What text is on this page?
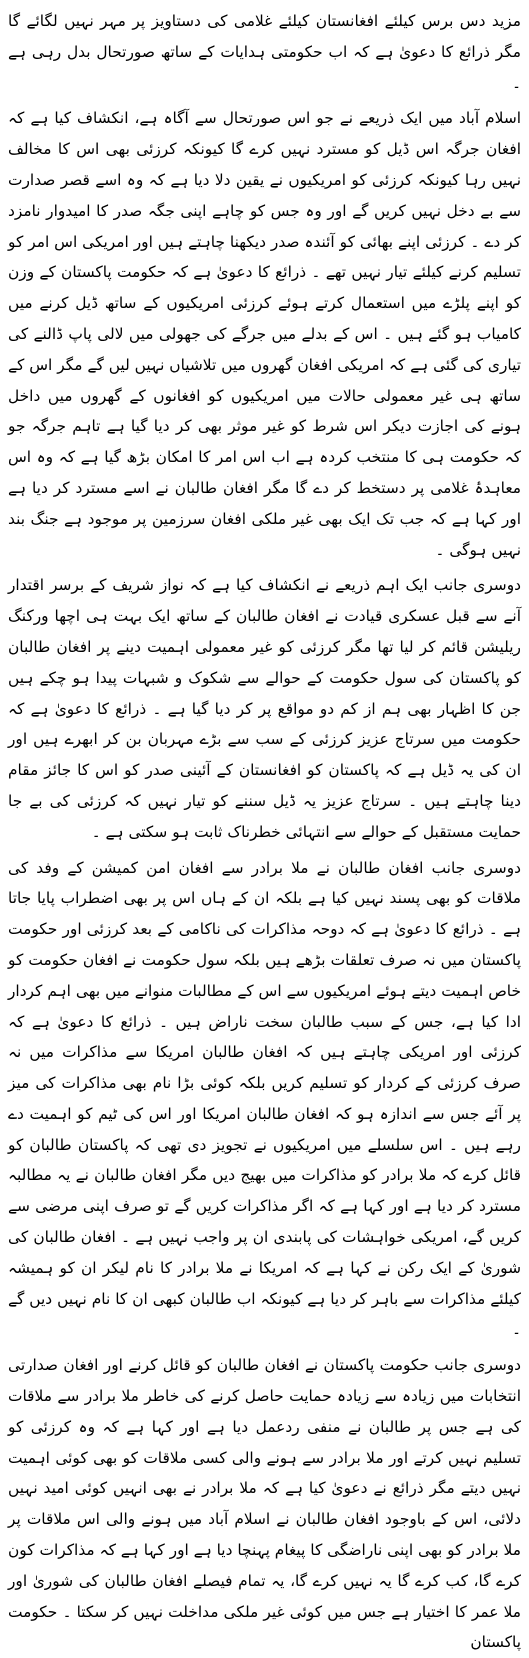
مزید دس برس کیلئے افغانستان کیلئے غلامی کی دستاویز پر مہر نہیں لگائے گا مگر ذرائع کا دعویٰ ہے کہ اب حکومتی ہدایات کے ساتھ صورتحال بدل رہی ہے ۔

اسلام آباد میں ایک ذریعے نے جو اس صورتحال سے آگاہ ہے، انکشاف کیا ہے کہ افغان جرگہ اس ڈیل کو مسترد نہیں کرے گا کیونکہ کرزئی بھی اس کا مخالف نہیں رہا کیونکہ کرزئی کو امریکیوں نے یقین دلا دیا ہے کہ وہ اسے قصر صدارت سے بے دخل نہیں کریں گے اور وہ جس کو چاہے اپنی جگہ صدر کا امیدوار نامزد کر دے ۔ کرزئی اپنے بھائی کو آئندہ صدر دیکھنا چاہتے ہیں اور امریکی اس امر کو تسلیم کرنے کیلئے تیار نہیں تھے ۔ ذرائع کا دعویٰ ہے کہ حکومت پاکستان کے وزن کو اپنے پلڑے میں استعمال کرتے ہوئے کرزئی امریکیوں کے ساتھ ڈیل کرنے میں کامیاب ہو گئے ہیں ۔ اس کے بدلے میں جرگے کی جھولی میں لالی پاپ ڈالنے کی تیاری کی گئی ہے کہ امریکی افغان گھروں میں تلاشیاں نہیں لیں گے مگر اس کے ساتھ ہی غیر معمولی حالات میں امریکیوں کو افغانوں کے گھروں میں داخل ہونے کی اجازت دیکر اس شرط کو غیر موثر بھی کر دیا گیا ہے تاہم جرگہ جو کہ حکومت ہی کا منتخب کردہ ہے اب اس امر کا امکان بڑھ گیا ہے کہ وہ اس معاہدۂ غلامی پر دستخط کر دے گا مگر افغان طالبان نے اسے مسترد کر دیا ہے اور کہا ہے کہ جب تک ایک بھی غیر ملکی افغان سرزمین پر موجود ہے جنگ بند نہیں ہوگی ۔

دوسری جانب ایک اہم ذریعے نے انکشاف کیا ہے کہ نواز شریف کے برسر اقتدار آنے سے قبل عسکری قیادت نے افغان طالبان کے ساتھ ایک بہت ہی اچھا ورکنگ ریلیشن قائم کر لیا تھا مگر کرزئی کو غیر معمولی اہمیت دینے پر افغان طالبان کو پاکستان کی سول حکومت کے حوالے سے شکوک و شبہات پیدا ہو چکے ہیں جن کا اظہار بھی ہم از کم دو مواقع پر کر دیا گیا ہے ۔ ذرائع کا دعویٰ ہے کہ حکومت میں سرتاج عزیز کرزئی کے سب سے بڑے مہربان بن کر ابھرے ہیں اور ان کی یہ ڈیل ہے کہ پاکستان کو افغانستان کے آئینی صدر کو اس کا جائز مقام دینا چاہتے ہیں ۔ سرتاج عزیز یہ ڈیل سننے کو تیار نہیں کہ کرزئی کی بے جا حمایت مستقبل کے حوالے سے انتہائی خطرناک ثابت ہو سکتی ہے ۔

دوسری جانب افغان طالبان نے ملا برادر سے افغان امن کمیشن کے وفد کی ملاقات کو بھی پسند نہیں کیا ہے بلکہ ان کے ہاں اس پر بھی اضطراب پایا جاتا ہے ۔ ذرائع کا دعویٰ ہے کہ دوحہ مذاکرات کی ناکامی کے بعد کرزئی اور حکومت پاکستان میں نہ صرف تعلقات بڑھے ہیں بلکہ سول حکومت نے افغان حکومت کو خاص اہمیت دیتے ہوئے امریکیوں سے اس کے مطالبات منوانے میں بھی اہم کردار ادا کیا ہے، جس کے سبب طالبان سخت ناراض ہیں ۔ ذرائع کا دعویٰ ہے کہ کرزئی اور امریکی چاہتے ہیں کہ افغان طالبان امریکا سے مذاکرات میں نہ صرف کرزئی کے کردار کو تسلیم کریں بلکہ کوئی بڑا نام بھی مذاکرات کی میز پر آئے جس سے اندازہ ہو کہ افغان طالبان امریکا اور اس کی ٹیم کو اہمیت دے رہے ہیں ۔ اس سلسلے میں امریکیوں نے تجویز دی تھی کہ پاکستان طالبان کو قائل کرے کہ ملا برادر کو مذاکرات میں بھیج دیں مگر افغان طالبان نے یہ مطالبہ مسترد کر دیا ہے اور کہا ہے کہ اگر مذاکرات کریں گے تو صرف اپنی مرضی سے کریں گے، امریکی خواہشات کی پابندی ان پر واجب نہیں ہے ۔ افغان طالبان کی شوریٰ کے ایک رکن نے کہا ہے کہ امریکا نے ملا برادر کا نام لیکر ان کو ہمیشہ کیلئے مذاکرات سے باہر کر دیا ہے کیونکہ اب طالبان کبھی ان کا نام نہیں دیں گے ۔

دوسری جانب حکومت پاکستان نے افغان طالبان کو قائل کرنے اور افغان صدارتی انتخابات میں زیادہ سے زیادہ حمایت حاصل کرنے کی خاطر ملا برادر سے ملاقات کی ہے جس پر طالبان نے منفی ردعمل دیا ہے اور کہا ہے کہ وہ کرزئی کو تسلیم نہیں کرتے اور ملا برادر سے ہونے والی کسی ملاقات کو بھی کوئی اہمیت نہیں دیتے مگر ذرائع نے دعویٰ کیا ہے کہ ملا برادر نے بھی انہیں کوئی امید نہیں دلائی، اس کے باوجود افغان طالبان نے اسلام آباد میں ہونے والی اس ملاقات پر ملا برادر کو بھی اپنی ناراضگی کا پیغام پہنچا دیا ہے اور کہا ہے کہ مذاکرات کون کرے گا، کب کرے گا یہ نہیں کرے گا، یہ تمام فیصلے افغان طالبان کی شوریٰ اور ملا عمر کا اختیار ہے جس میں کوئی غیر ملکی مداخلت نہیں کر سکتا ۔ حکومت پاکستان
